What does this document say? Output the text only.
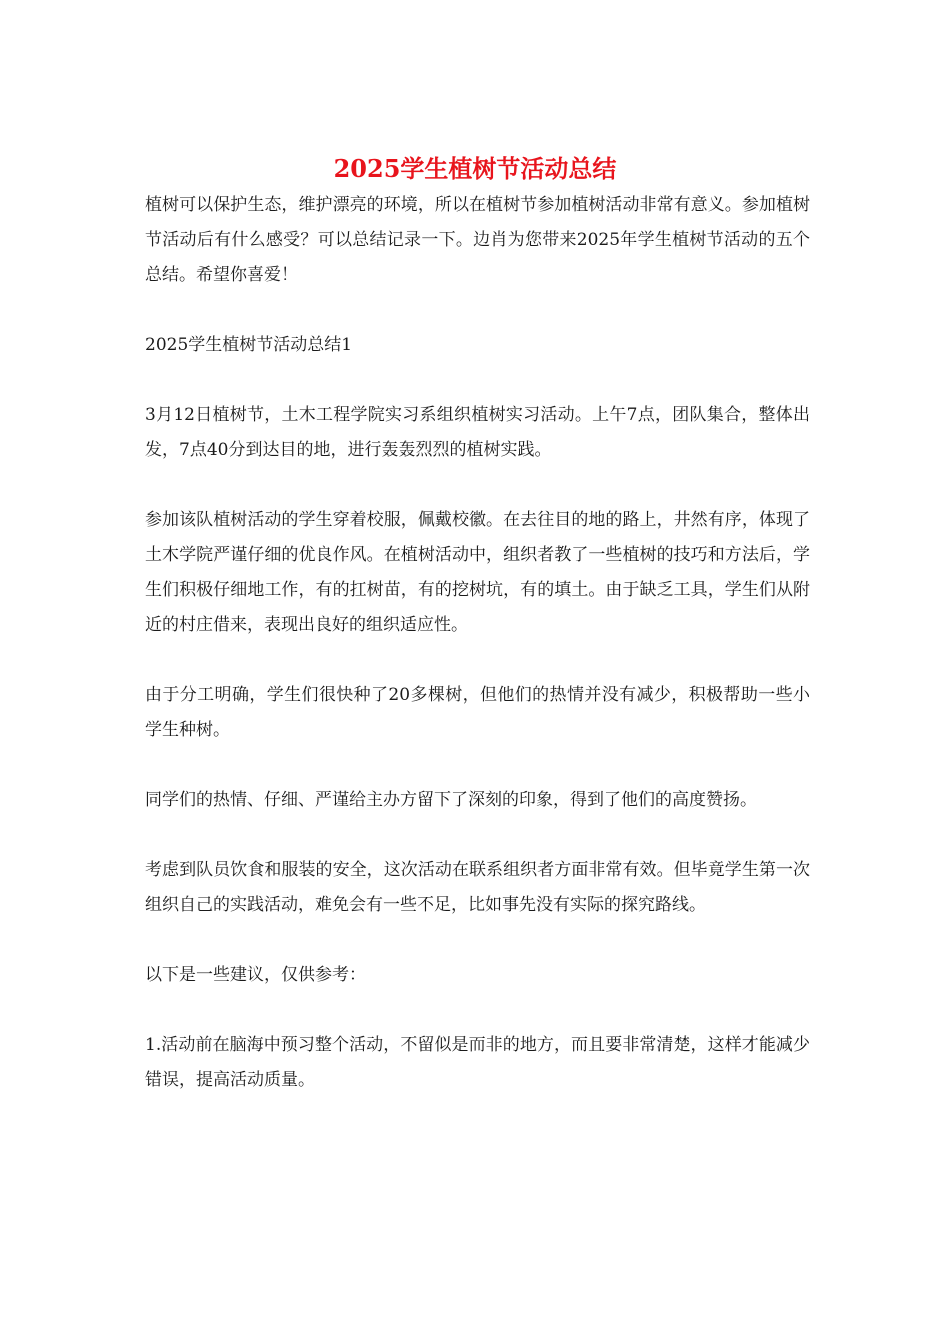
2025学生植树节活动总结

植树可以保护生态，维护漂亮的环境，所以在植树节参加植树活动非常有意义。参加植树节活动后有什么感受？可以总结记录一下。边肖为您带来2025年学生植树节活动的五个总结。希望你喜爱！

2025学生植树节活动总结1

3月12日植树节，土木工程学院实习系组织植树实习活动。上午7点，团队集合，整体出发，7点40分到达目的地，进行轰轰烈烈的植树实践。

参加该队植树活动的学生穿着校服，佩戴校徽。在去往目的地的路上，井然有序，体现了土木学院严谨仔细的优良作风。在植树活动中，组织者教了一些植树的技巧和方法后，学生们积极仔细地工作，有的扛树苗，有的挖树坑，有的填土。由于缺乏工具，学生们从附近的村庄借来，表现出良好的组织适应性。

由于分工明确，学生们很快种了20多棵树，但他们的热情并没有减少，积极帮助一些小学生种树。

同学们的热情、仔细、严谨给主办方留下了深刻的印象，得到了他们的高度赞扬。

考虑到队员饮食和服装的安全，这次活动在联系组织者方面非常有效。但毕竟学生第一次组织自己的实践活动，难免会有一些不足，比如事先没有实际的探究路线。

以下是一些建议，仅供参考：

1.活动前在脑海中预习整个活动，不留似是而非的地方，而且要非常清楚，这样才能减少错误，提高活动质量。
